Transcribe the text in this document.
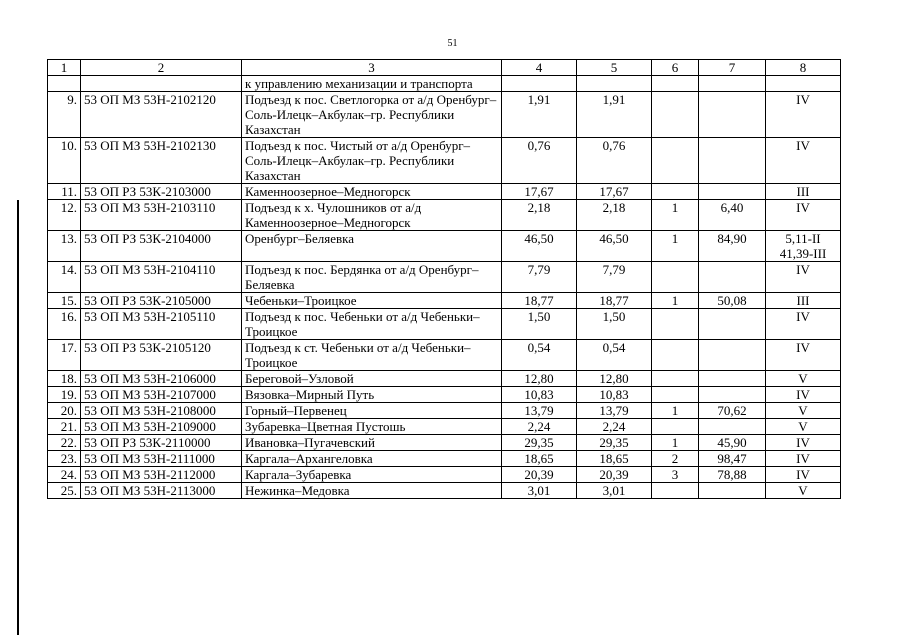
51
1	2	3	4	5	6	7	8
		к управлению механизации и транспорта					
9.	53 ОП МЗ 53Н-2102120	Подъезд к пос. Светлогорка от а/д Оренбург–Соль-Илецк–Акбулак–гр. Республики Казахстан	1,91	1,91			IV
10.	53 ОП МЗ 53Н-2102130	Подъезд к пос. Чистый от а/д Оренбург–Соль-Илецк–Акбулак–гр. Республики Казахстан	0,76	0,76			IV
11.	53 ОП РЗ 53К-2103000	Каменноозерное–Медногорск	17,67	17,67			III
12.	53 ОП МЗ 53Н-2103110	Подъезд к х. Чулошников от а/д Каменноозерное–Медногорск	2,18	2,18	1	6,40	IV
13.	53 ОП РЗ 53К-2104000	Оренбург–Беляевка	46,50	46,50	1	84,90	5,11-II
41,39-III
14.	53 ОП МЗ 53Н-2104110	Подъезд к пос. Бердянка от а/д Оренбург–Беляевка	7,79	7,79			IV
15.	53 ОП РЗ 53К-2105000	Чебеньки–Троицкое	18,77	18,77	1	50,08	III
16.	53 ОП МЗ 53Н-2105110	Подъезд к пос. Чебеньки от а/д Чебеньки–Троицкое	1,50	1,50			IV
17.	53 ОП РЗ 53К-2105120	Подъезд к ст. Чебеньки от а/д Чебеньки–Троицкое	0,54	0,54			IV
18.	53 ОП МЗ 53Н-2106000	Береговой–Узловой	12,80	12,80			V
19.	53 ОП МЗ 53Н-2107000	Вязовка–Мирный Путь	10,83	10,83			IV
20.	53 ОП МЗ 53Н-2108000	Горный–Первенец	13,79	13,79	1	70,62	V
21.	53 ОП МЗ 53Н-2109000	Зубаревка–Цветная Пустошь	2,24	2,24			V
22.	53 ОП РЗ 53К-2110000	Ивановка–Пугачевский	29,35	29,35	1	45,90	IV
23.	53 ОП МЗ 53Н-2111000	Каргала–Архангеловка	18,65	18,65	2	98,47	IV
24.	53 ОП МЗ 53Н-2112000	Каргала–Зубаревка	20,39	20,39	3	78,88	IV
25.	53 ОП МЗ 53Н-2113000	Нежинка–Медовка	3,01	3,01			V
